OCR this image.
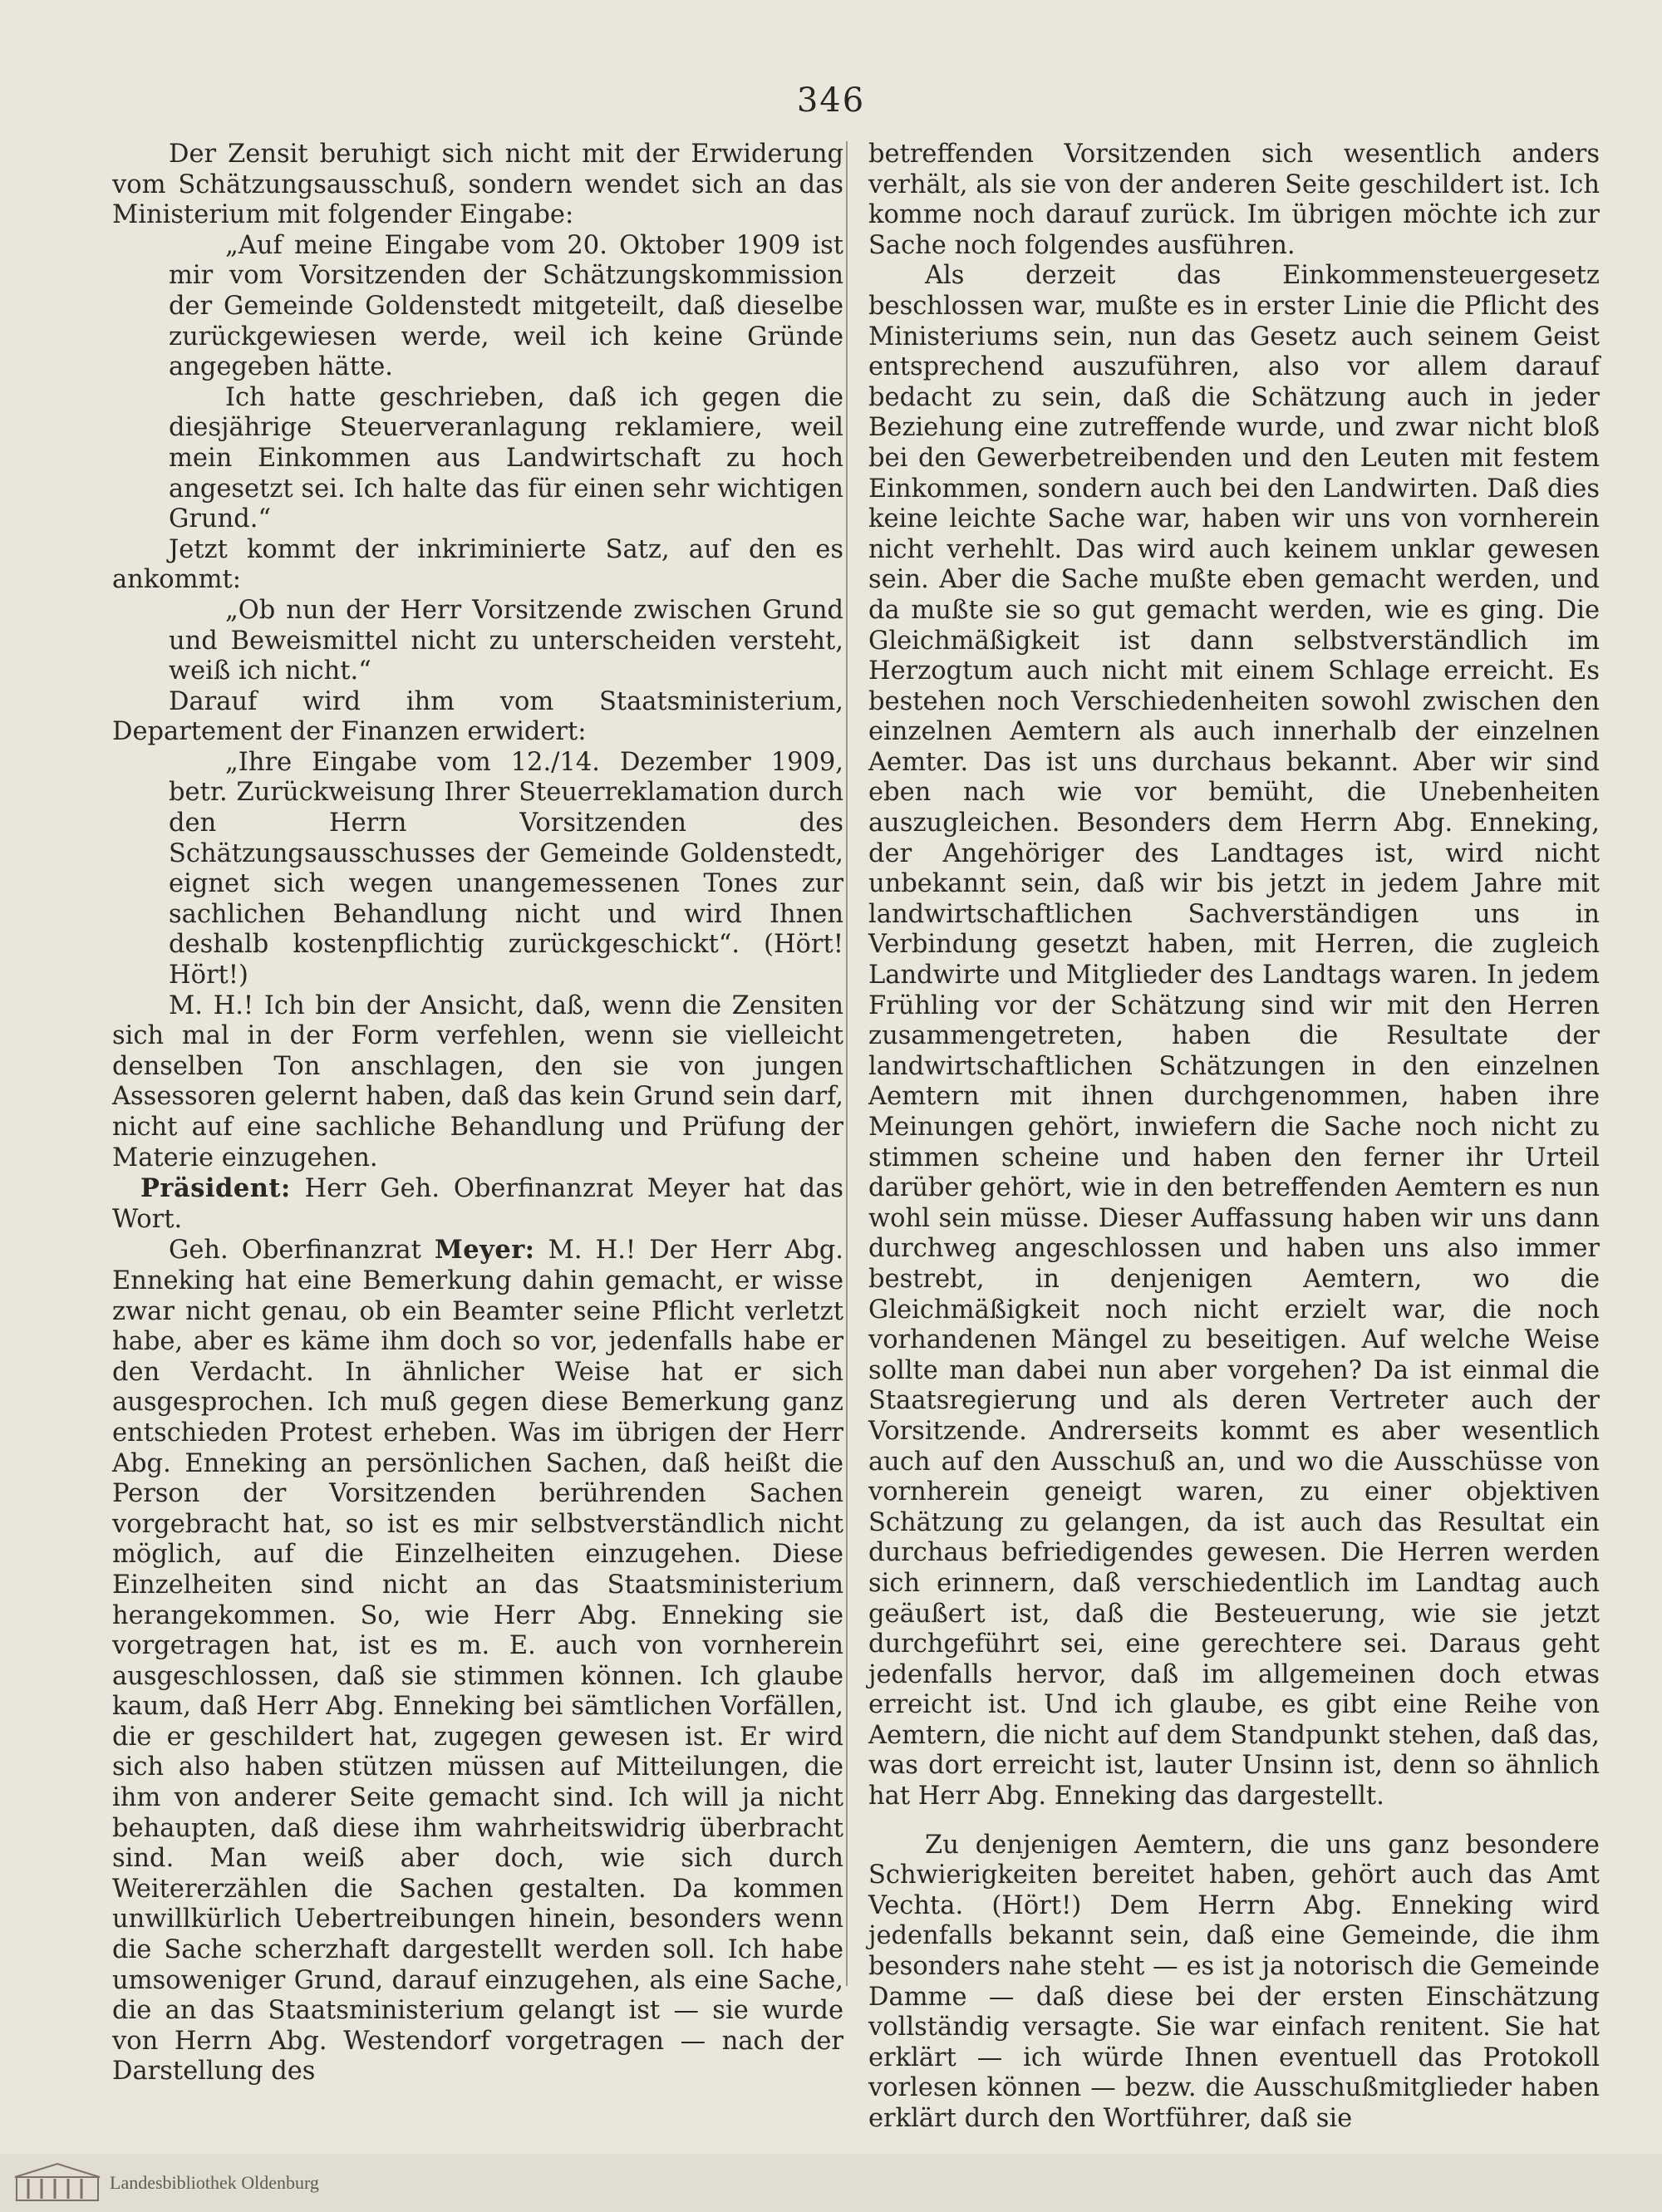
346

Der Zensit beruhigt sich nicht mit der Erwiderung vom Schätzungsausschuß, sondern wendet sich an das Ministerium mit folgender Eingabe:

„Auf meine Eingabe vom 20. Oktober 1909 ist mir vom Vorsitzenden der Schätzungskommission der Gemeinde Goldenstedt mitgeteilt, daß dieselbe zurückgewiesen werde, weil ich keine Gründe angegeben hätte.

Ich hatte geschrieben, daß ich gegen die diesjährige Steuerveranlagung reklamiere, weil mein Einkommen aus Landwirtschaft zu hoch angesetzt sei. Ich halte das für einen sehr wichtigen Grund.“

Jetzt kommt der inkriminierte Satz, auf den es ankommt:

„Ob nun der Herr Vorsitzende zwischen Grund und Beweismittel nicht zu unterscheiden versteht, weiß ich nicht.“

Darauf wird ihm vom Staatsministerium, Departement der Finanzen erwidert:

„Ihre Eingabe vom 12./14. Dezember 1909, betr. Zurückweisung Ihrer Steuerreklamation durch den Herrn Vorsitzenden des Schätzungsausschusses der Gemeinde Goldenstedt, eignet sich wegen unangemessenen Tones zur sachlichen Behandlung nicht und wird Ihnen deshalb kostenpflichtig zurückgeschickt“. (Hört! Hört!)

M. H.! Ich bin der Ansicht, daß, wenn die Zensiten sich mal in der Form verfehlen, wenn sie vielleicht denselben Ton anschlagen, den sie von jungen Assessoren gelernt haben, daß das kein Grund sein darf, nicht auf eine sachliche Behandlung und Prüfung der Materie einzugehen.

Präsident: Herr Geh. Oberfinanzrat Meyer hat das Wort.

Geh. Oberfinanzrat Meyer: M. H.! Der Herr Abg. Enneking hat eine Bemerkung dahin gemacht, er wisse zwar nicht genau, ob ein Beamter seine Pflicht verletzt habe, aber es käme ihm doch so vor, jedenfalls habe er den Verdacht. In ähnlicher Weise hat er sich ausgesprochen. Ich muß gegen diese Bemerkung ganz entschieden Protest erheben. Was im übrigen der Herr Abg. Enneking an persönlichen Sachen, daß heißt die Person der Vorsitzenden berührenden Sachen vorgebracht hat, so ist es mir selbstverständlich nicht möglich, auf die Einzelheiten einzugehen. Diese Einzelheiten sind nicht an das Staatsministerium herangekommen. So, wie Herr Abg. Enneking sie vorgetragen hat, ist es m. E. auch von vornherein ausgeschlossen, daß sie stimmen können. Ich glaube kaum, daß Herr Abg. Enneking bei sämtlichen Vorfällen, die er geschildert hat, zugegen gewesen ist. Er wird sich also haben stützen müssen auf Mitteilungen, die ihm von anderer Seite gemacht sind. Ich will ja nicht behaupten, daß diese ihm wahrheitswidrig überbracht sind. Man weiß aber doch, wie sich durch Weitererzählen die Sachen gestalten. Da kommen unwillkürlich Uebertreibungen hinein, besonders wenn die Sache scherzhaft dargestellt werden soll. Ich habe umsoweniger Grund, darauf einzugehen, als eine Sache, die an das Staatsministerium gelangt ist — sie wurde von Herrn Abg. Westendorf vorgetragen — nach der Darstellung des

betreffenden Vorsitzenden sich wesentlich anders verhält, als sie von der anderen Seite geschildert ist. Ich komme noch darauf zurück. Im übrigen möchte ich zur Sache noch folgendes ausführen.

Als derzeit das Einkommensteuergesetz beschlossen war, mußte es in erster Linie die Pflicht des Ministeriums sein, nun das Gesetz auch seinem Geist entsprechend auszuführen, also vor allem darauf bedacht zu sein, daß die Schätzung auch in jeder Beziehung eine zutreffende wurde, und zwar nicht bloß bei den Gewerbetreibenden und den Leuten mit festem Einkommen, sondern auch bei den Landwirten. Daß dies keine leichte Sache war, haben wir uns von vornherein nicht verhehlt. Das wird auch keinem unklar gewesen sein. Aber die Sache mußte eben gemacht werden, und da mußte sie so gut gemacht werden, wie es ging. Die Gleichmäßigkeit ist dann selbstverständlich im Herzogtum auch nicht mit einem Schlage erreicht. Es bestehen noch Verschiedenheiten sowohl zwischen den einzelnen Aemtern als auch innerhalb der einzelnen Aemter. Das ist uns durchaus bekannt. Aber wir sind eben nach wie vor bemüht, die Unebenheiten auszugleichen. Besonders dem Herrn Abg. Enneking, der Angehöriger des Landtages ist, wird nicht unbekannt sein, daß wir bis jetzt in jedem Jahre mit landwirtschaftlichen Sachverständigen uns in Verbindung gesetzt haben, mit Herren, die zugleich Landwirte und Mitglieder des Landtags waren. In jedem Frühling vor der Schätzung sind wir mit den Herren zusammengetreten, haben die Resultate der landwirtschaftlichen Schätzungen in den einzelnen Aemtern mit ihnen durchgenommen, haben ihre Meinungen gehört, inwiefern die Sache noch nicht zu stimmen scheine und haben den ferner ihr Urteil darüber gehört, wie in den betreffenden Aemtern es nun wohl sein müsse. Dieser Auffassung haben wir uns dann durchweg angeschlossen und haben uns also immer bestrebt, in denjenigen Aemtern, wo die Gleichmäßigkeit noch nicht erzielt war, die noch vorhandenen Mängel zu beseitigen. Auf welche Weise sollte man dabei nun aber vorgehen? Da ist einmal die Staatsregierung und als deren Vertreter auch der Vorsitzende. Andrerseits kommt es aber wesentlich auch auf den Ausschuß an, und wo die Ausschüsse von vornherein geneigt waren, zu einer objektiven Schätzung zu gelangen, da ist auch das Resultat ein durchaus befriedigendes gewesen. Die Herren werden sich erinnern, daß verschiedentlich im Landtag auch geäußert ist, daß die Besteuerung, wie sie jetzt durchgeführt sei, eine gerechtere sei. Daraus geht jedenfalls hervor, daß im allgemeinen doch etwas erreicht ist. Und ich glaube, es gibt eine Reihe von Aemtern, die nicht auf dem Standpunkt stehen, daß das, was dort erreicht ist, lauter Unsinn ist, denn so ähnlich hat Herr Abg. Enneking das dargestellt.

Zu denjenigen Aemtern, die uns ganz besondere Schwierigkeiten bereitet haben, gehört auch das Amt Vechta. (Hört!) Dem Herrn Abg. Enneking wird jedenfalls bekannt sein, daß eine Gemeinde, die ihm besonders nahe steht — es ist ja notorisch die Gemeinde Damme — daß diese bei der ersten Einschätzung vollständig versagte. Sie war einfach renitent. Sie hat erklärt — ich würde Ihnen eventuell das Protokoll vorlesen können — bezw. die Ausschußmitglieder haben erklärt durch den Wortführer, daß sie

Landesbibliothek Oldenburg
